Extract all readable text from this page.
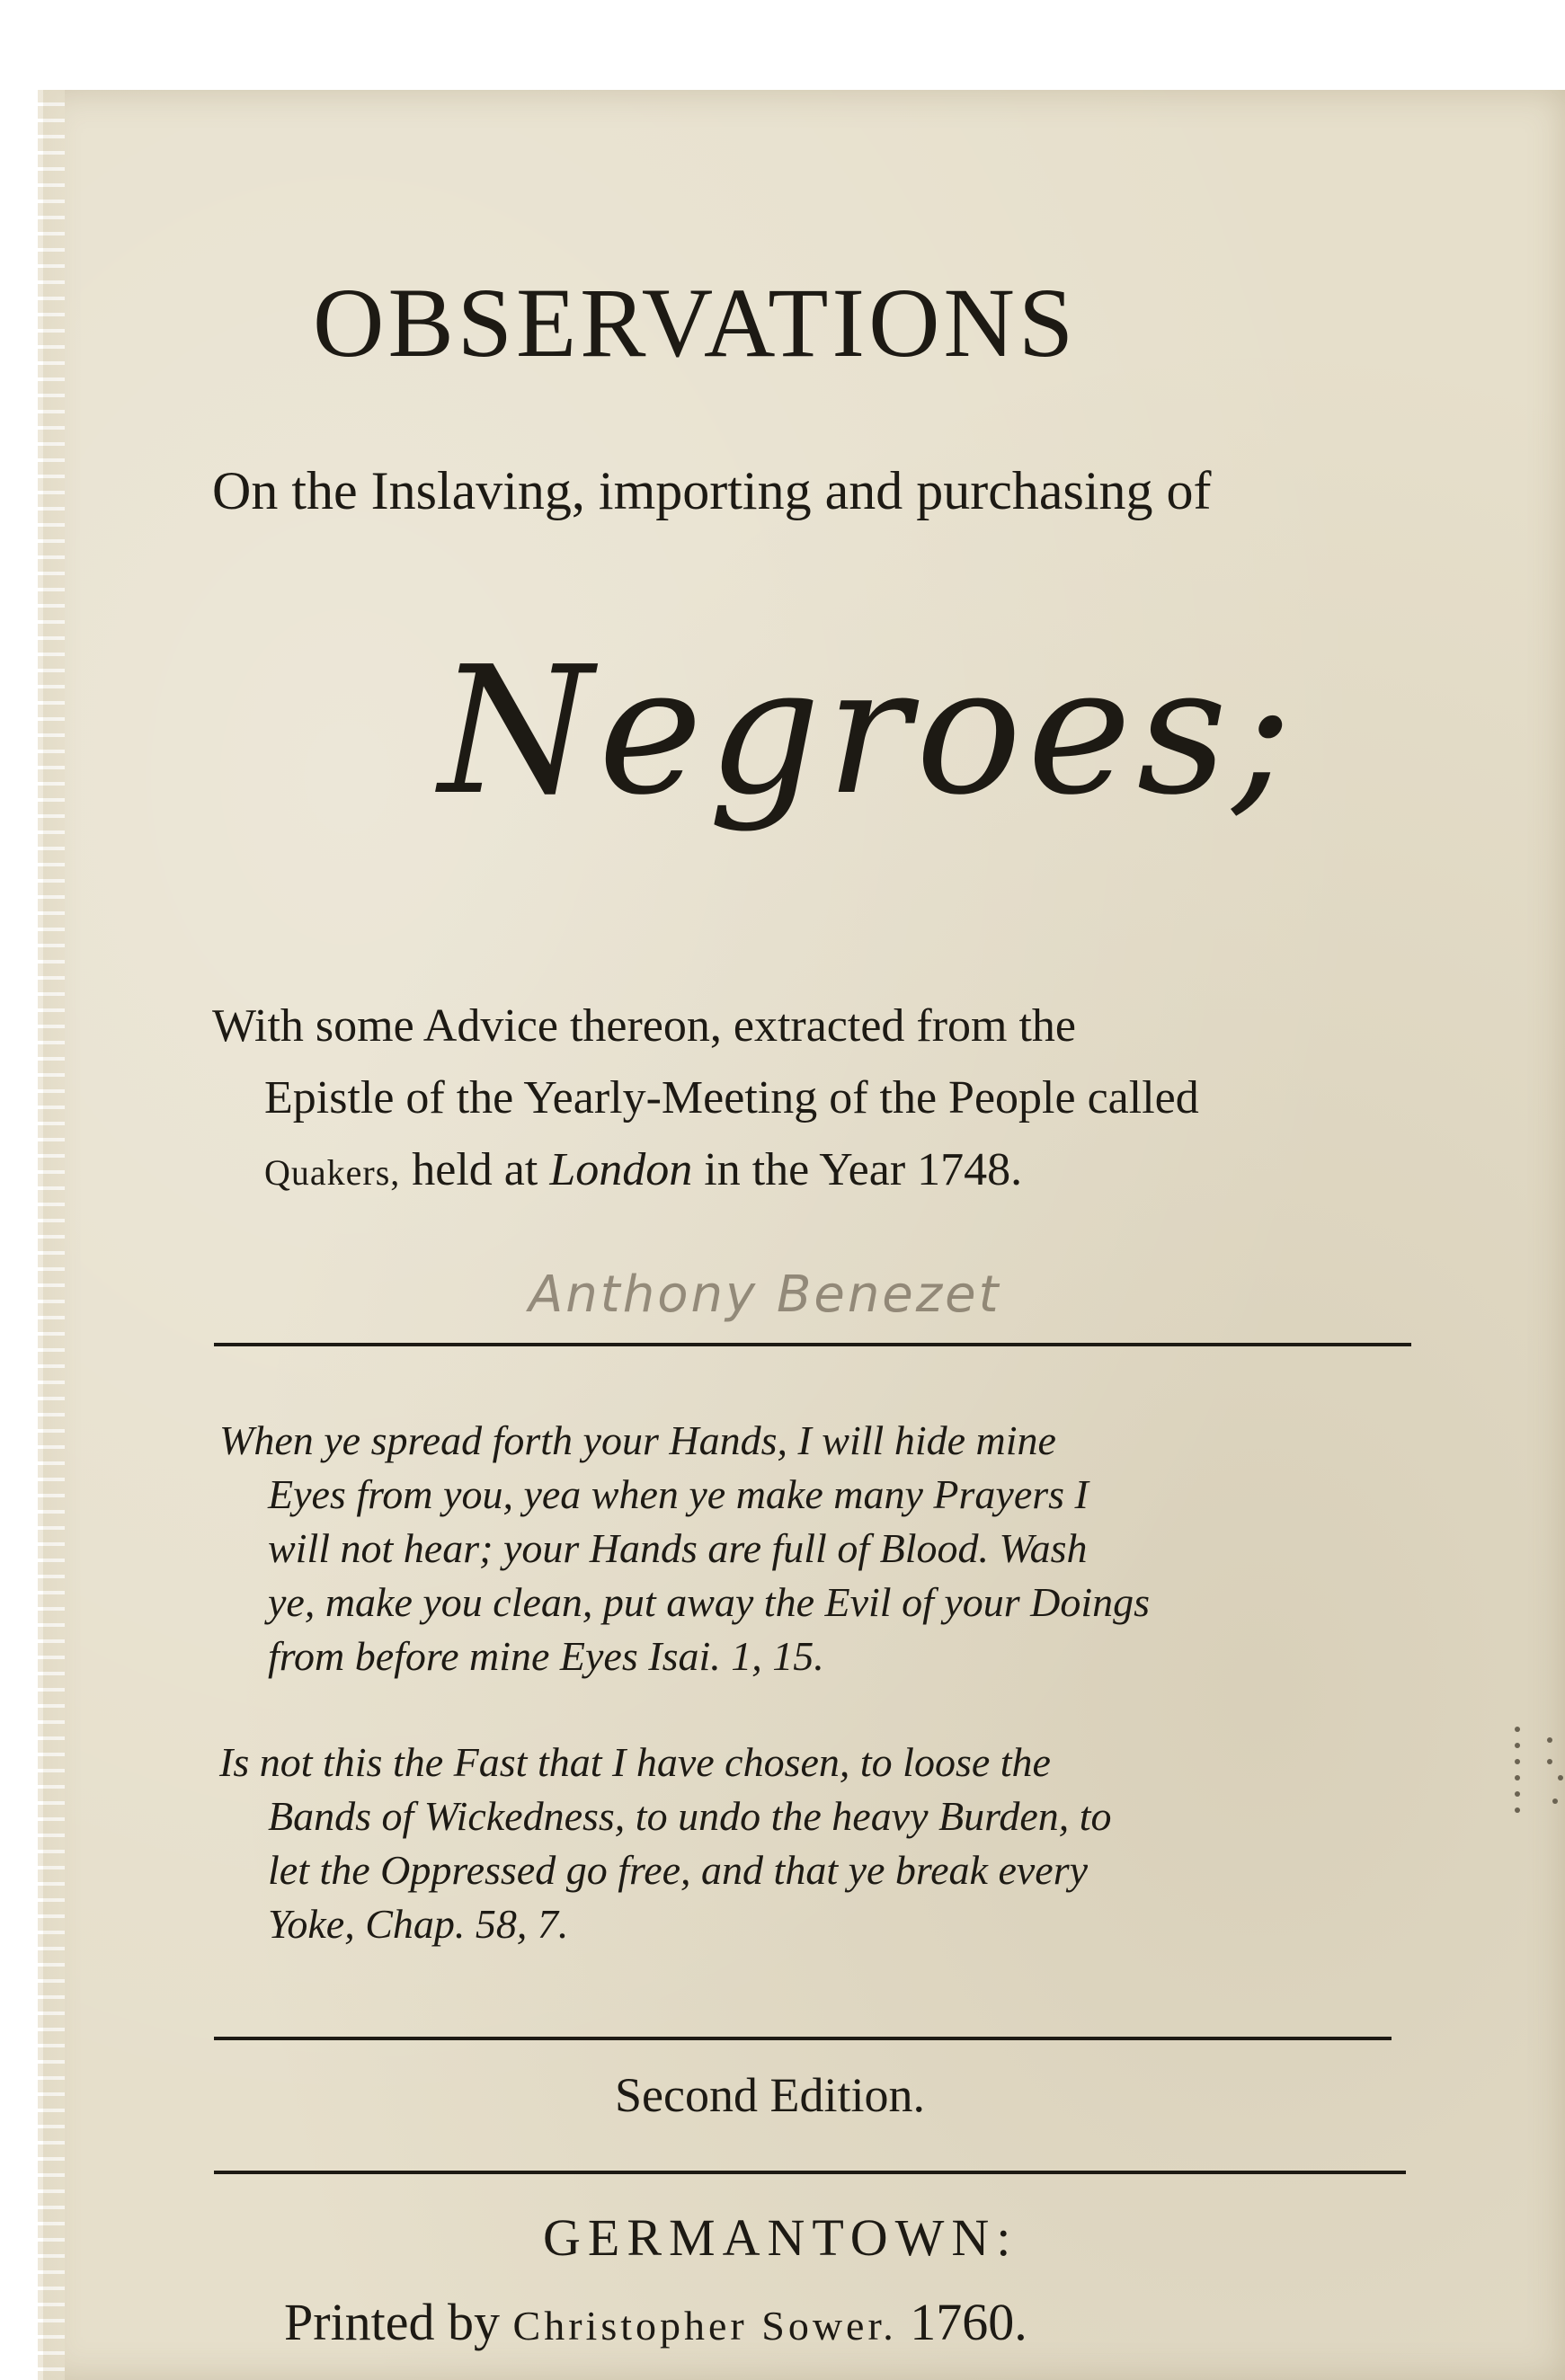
OBSERVATIONS
On the Inslaving, importing and purchasing of
Negroes;
With some Advice thereon, extracted from the
Epistle of the Yearly-Meeting of the People called
Quakers, held at London in the Year 1748.
Anthony Benezet
When ye spread forth your Hands, I will hide mine
Eyes from you, yea when ye make many Prayers I
will not hear; your Hands are full of Blood. Wash
ye, make you clean, put away the Evil of your Doings
from before mine Eyes Isai. 1, 15.
Is not this the Fast that I have chosen, to loose the
Bands of Wickedness, to undo the heavy Burden, to
let the Oppressed go free, and that ye break every
Yoke, Chap. 58, 7.
Second Edition.
GERMANTOWN:
Printed by Christopher Sower. 1760.
